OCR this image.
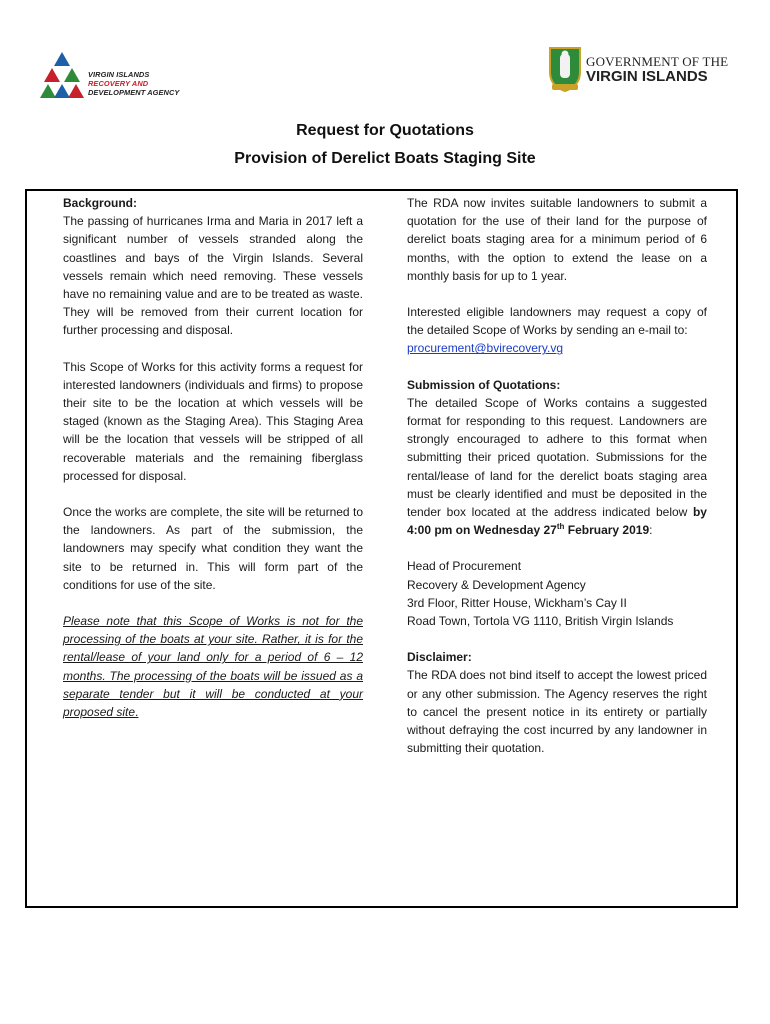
VIRGIN ISLANDS
RECOVERY AND
DEVELOPMENT AGENCY
GOVERNMENT OF THE
VIRGIN ISLANDS
Request for Quotations
Provision of Derelict Boats Staging Site

Background:

The passing of hurricanes Irma and Maria in 2017 left a significant number of vessels stranded along the coastlines and bays of the Virgin Islands. Several vessels remain which need removing. These vessels have no remaining value and are to be treated as waste. They will be removed from their current location for further processing and disposal.

This Scope of Works for this activity forms a request for interested landowners (individuals and firms) to propose their site to be the location at which vessels will be staged (known as the Staging Area). This Staging Area will be the location that vessels will be stripped of all recoverable materials and the remaining fiberglass processed for disposal.

Once the works are complete, the site will be returned to the landowners. As part of the submission, the landowners may specify what condition they want the site to be returned in. This will form part of the conditions for use of the site.

Please note that this Scope of Works is not for the processing of the boats at your site. Rather, it is for the rental/lease of your land only for a period of 6 – 12 months. The processing of the boats will be issued as a separate tender but it will be conducted at your proposed site.

The RDA now invites suitable landowners to submit a quotation for the use of their land for the purpose of derelict boats staging area for a minimum period of 6 months, with the option to extend the lease on a monthly basis for up to 1 year.

Interested eligible landowners may request a copy of the detailed Scope of Works by sending an e-mail to:

procurement@bvirecovery.vg

Submission of Quotations:

The detailed Scope of Works contains a suggested format for responding to this request. Landowners are strongly encouraged to adhere to this format when submitting their priced quotation. Submissions for the rental/lease of land for the derelict boats staging area must be clearly identified and must be deposited in the tender box located at the address indicated below by 4:00 pm on Wednesday 27th February 2019:

Head of Procurement

Recovery & Development Agency

3rd Floor, Ritter House, Wickham’s Cay II

Road Town, Tortola VG 1110, British Virgin Islands

Disclaimer:

The RDA does not bind itself to accept the lowest priced or any other submission. The Agency reserves the right to cancel the present notice in its entirety or partially without defraying the cost incurred by any landowner in submitting their quotation.
